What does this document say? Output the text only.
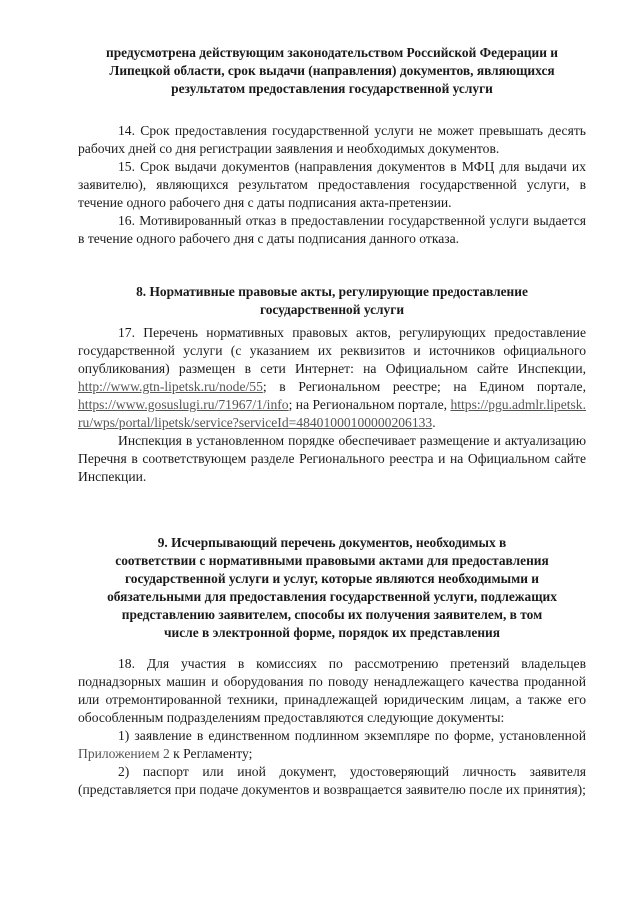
предусмотрена действующим законодательством Российской Федерации и
Липецкой области, срок выдачи (направления) документов, являющихся
результатом предоставления государственной услуги

14. Срок предоставления государственной услуги не может превышать десять рабочих дней со дня регистрации заявления и необходимых документов.

15. Срок выдачи документов (направления документов в МФЦ для выдачи их заявителю), являющихся результатом предоставления государственной услуги, в течение одного рабочего дня с даты подписания акта-претензии.

16. Мотивированный отказ в предоставлении государственной услуги выдается в течение одного рабочего дня с даты подписания данного отказа.

8. Нормативные правовые акты, регулирующие предоставление
государственной услуги

17. Перечень нормативных правовых актов, регулирующих предоставление государственной услуги (с указанием их реквизитов и источников официального опубликования) размещен в сети Интернет: на Официальном сайте Инспекции, http://www.gtn-lipetsk.ru/node/55; в Региональном реестре; на Едином портале, https://www.gosuslugi.ru/71967/1/info; на Региональном портале, https://pgu.admlr.lipetsk.ru/wps/portal/lipetsk/service?serviceId=48401000100000206133.

Инспекция в установленном порядке обеспечивает размещение и актуализацию Перечня в соответствующем разделе Регионального реестра и на Официальном сайте Инспекции.

9. Исчерпывающий перечень документов, необходимых в
соответствии с нормативными правовыми актами для предоставления
государственной услуги и услуг, которые являются необходимыми и
обязательными для предоставления государственной услуги, подлежащих
представлению заявителем, способы их получения заявителем, в том
числе в электронной форме, порядок их представления

18. Для участия в комиссиях по рассмотрению претензий владельцев поднадзорных машин и оборудования по поводу ненадлежащего качества проданной или отремонтированной техники, принадлежащей юридическим лицам, а также его обособленным подразделениям предоставляются следующие документы:

1) заявление в единственном подлинном экземпляре по форме, установленной Приложением 2 к Регламенту;

2) паспорт или иной документ, удостоверяющий личность заявителя (представляется при подаче документов и возвращается заявителю после их принятия);
